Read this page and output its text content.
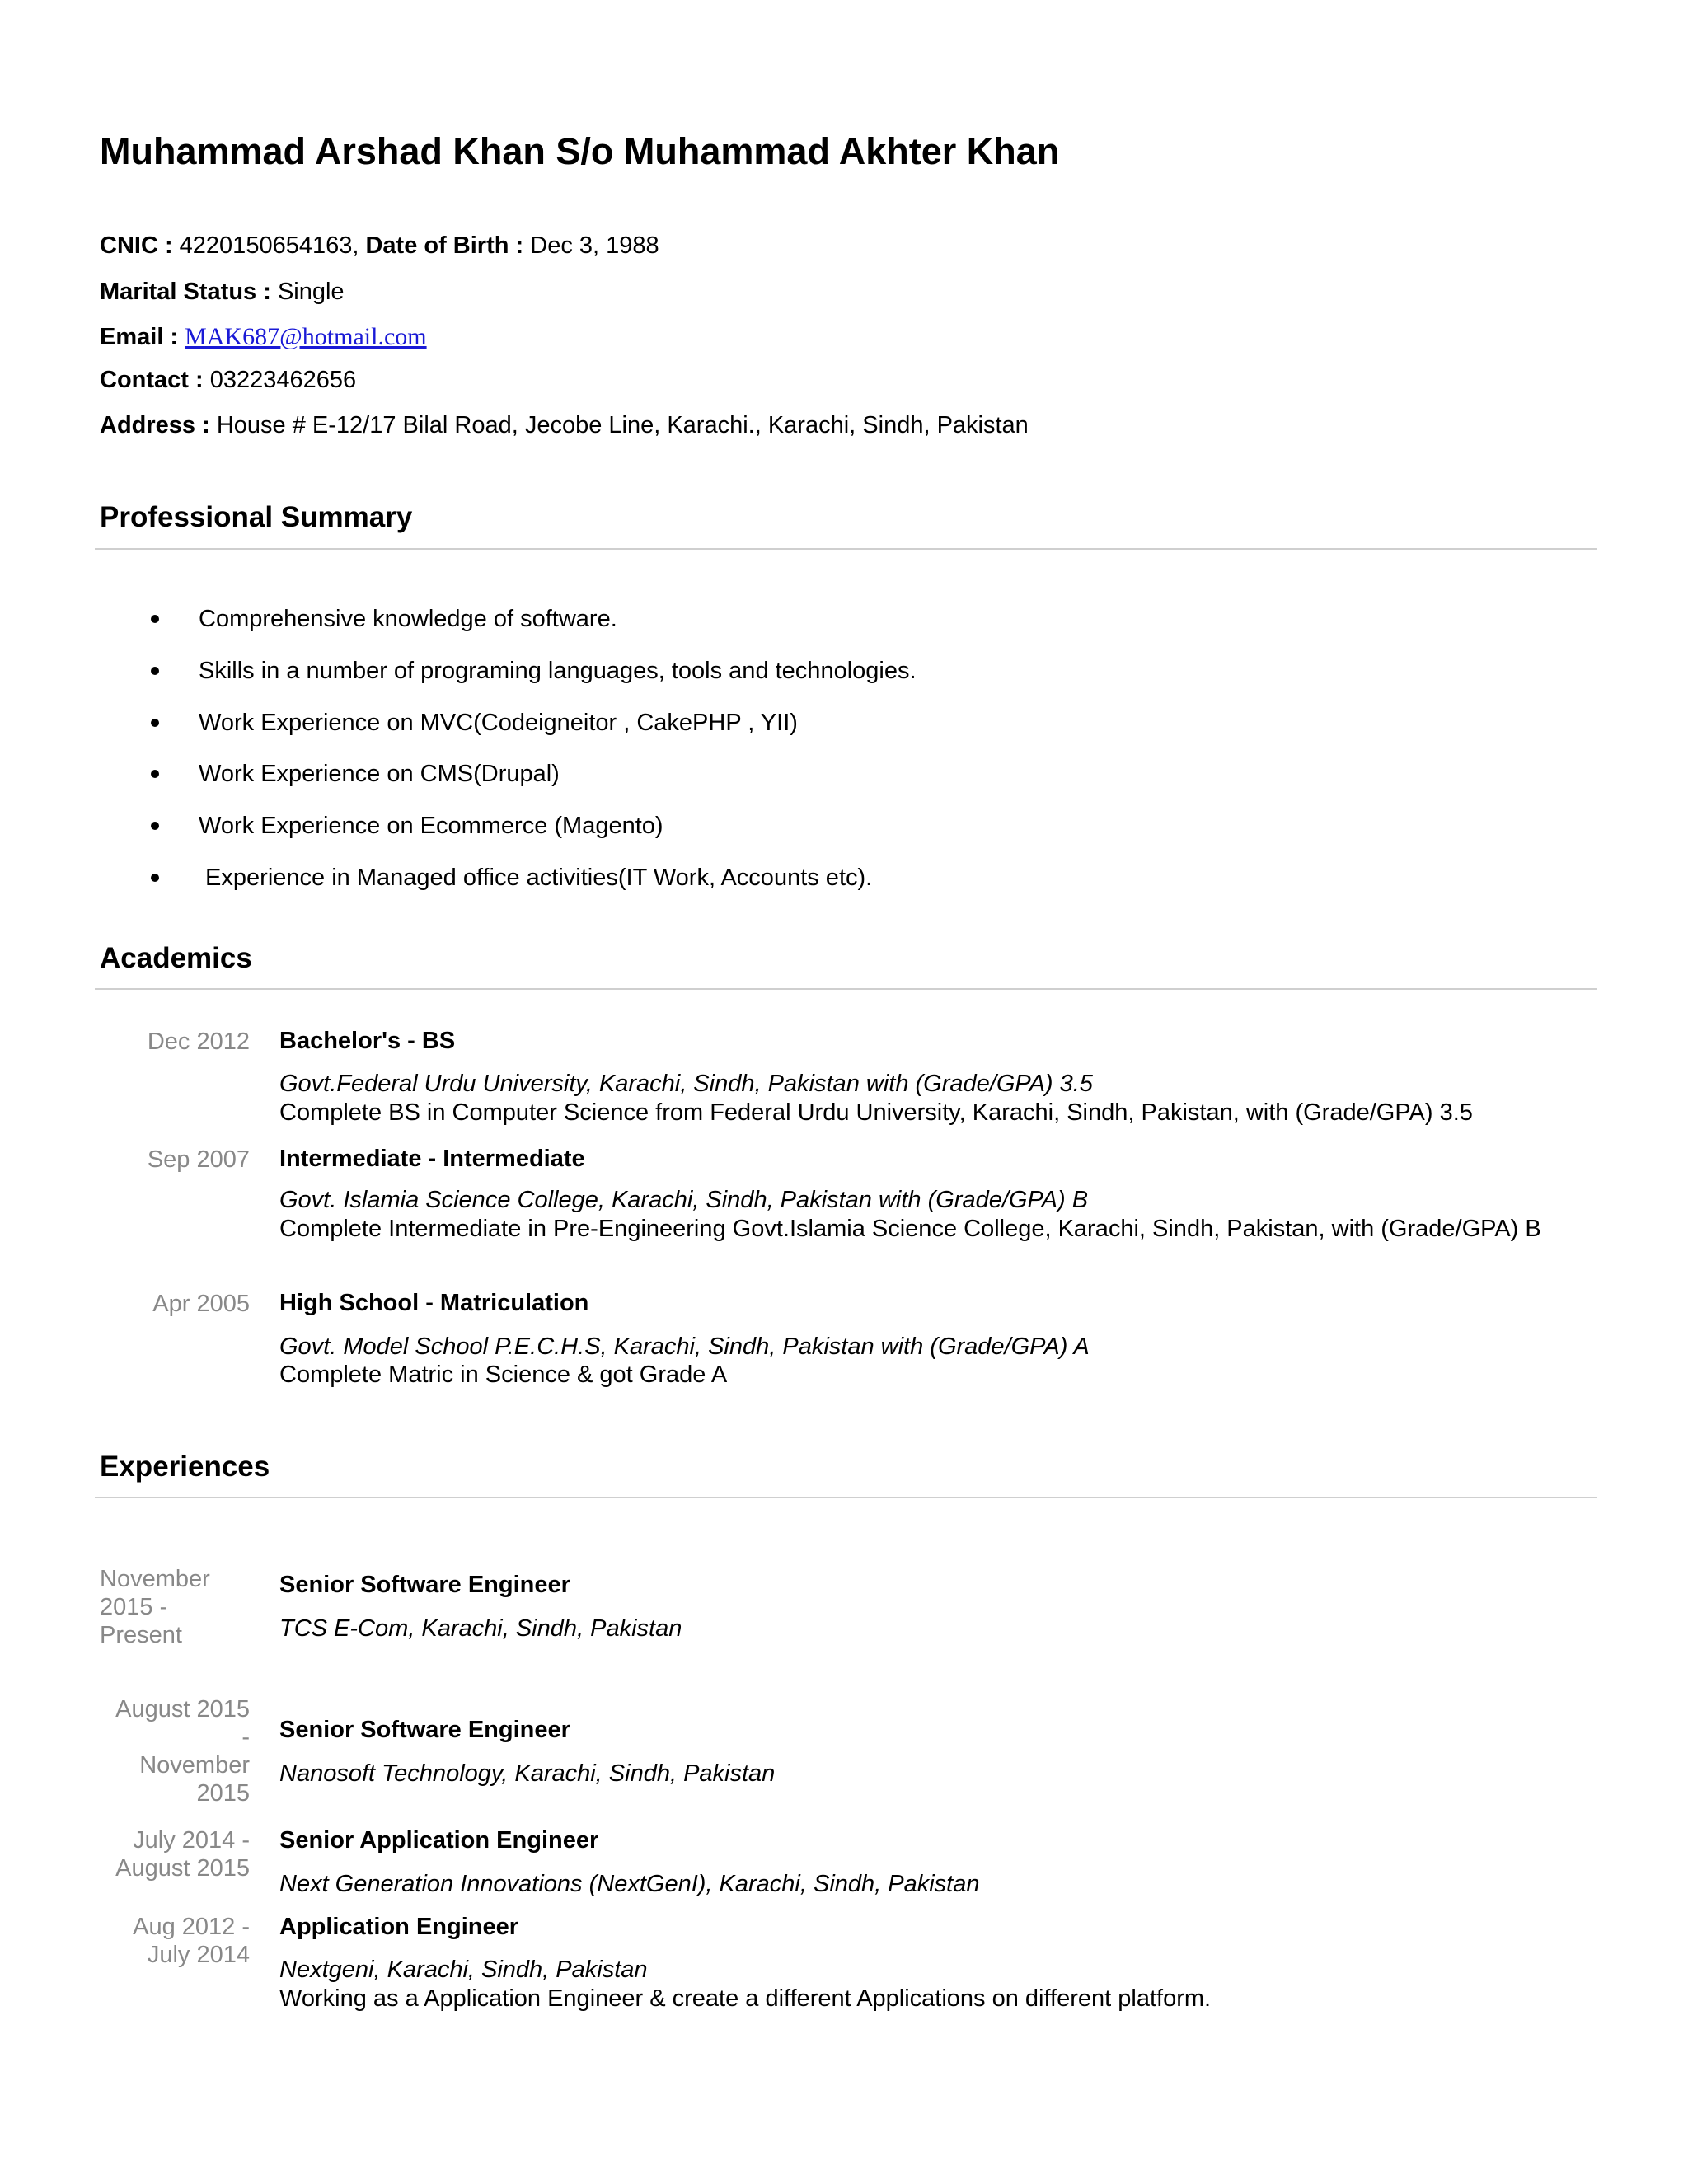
Muhammad Arshad Khan S/o Muhammad Akhter Khan
CNIC : 4220150654163, Date of Birth : Dec 3, 1988
Marital Status : Single
Email : MAK687@hotmail.com
Contact : 03223462656
Address : House # E-12/17 Bilal Road, Jecobe Line, Karachi., Karachi, Sindh, Pakistan
Professional Summary
Comprehensive knowledge of software.
Skills in a number of programing languages, tools and technologies.
Work Experience on MVC(Codeigneitor , CakePHP , YII)
Work Experience on CMS(Drupal)
Work Experience on Ecommerce (Magento)
Experience in Managed office activities(IT Work, Accounts etc).
Academics
Dec 2012 Bachelor's - BS
Govt.Federal Urdu University, Karachi, Sindh, Pakistan with (Grade/GPA) 3.5
Complete BS in Computer Science from Federal Urdu University, Karachi, Sindh, Pakistan, with (Grade/GPA) 3.5
Sep 2007 Intermediate - Intermediate
Govt. Islamia Science College, Karachi, Sindh, Pakistan with (Grade/GPA) B
Complete Intermediate in Pre-Engineering Govt.Islamia Science College, Karachi, Sindh, Pakistan, with (Grade/GPA) B
Apr 2005 High School - Matriculation
Govt. Model School P.E.C.H.S, Karachi, Sindh, Pakistan with (Grade/GPA) A
Complete Matric in Science & got Grade A
Experiences
November
2015 -
Present
Senior Software Engineer
TCS E-Com, Karachi, Sindh, Pakistan
August 2015
-
November
2015
Senior Software Engineer
Nanosoft Technology, Karachi, Sindh, Pakistan
July 2014 -
August 2015
Senior Application Engineer
Next Generation Innovations (NextGenI), Karachi, Sindh, Pakistan
Aug 2012 -
July 2014
Application Engineer
Nextgeni, Karachi, Sindh, Pakistan
Working as a Application Engineer & create a different Applications on different platform.
